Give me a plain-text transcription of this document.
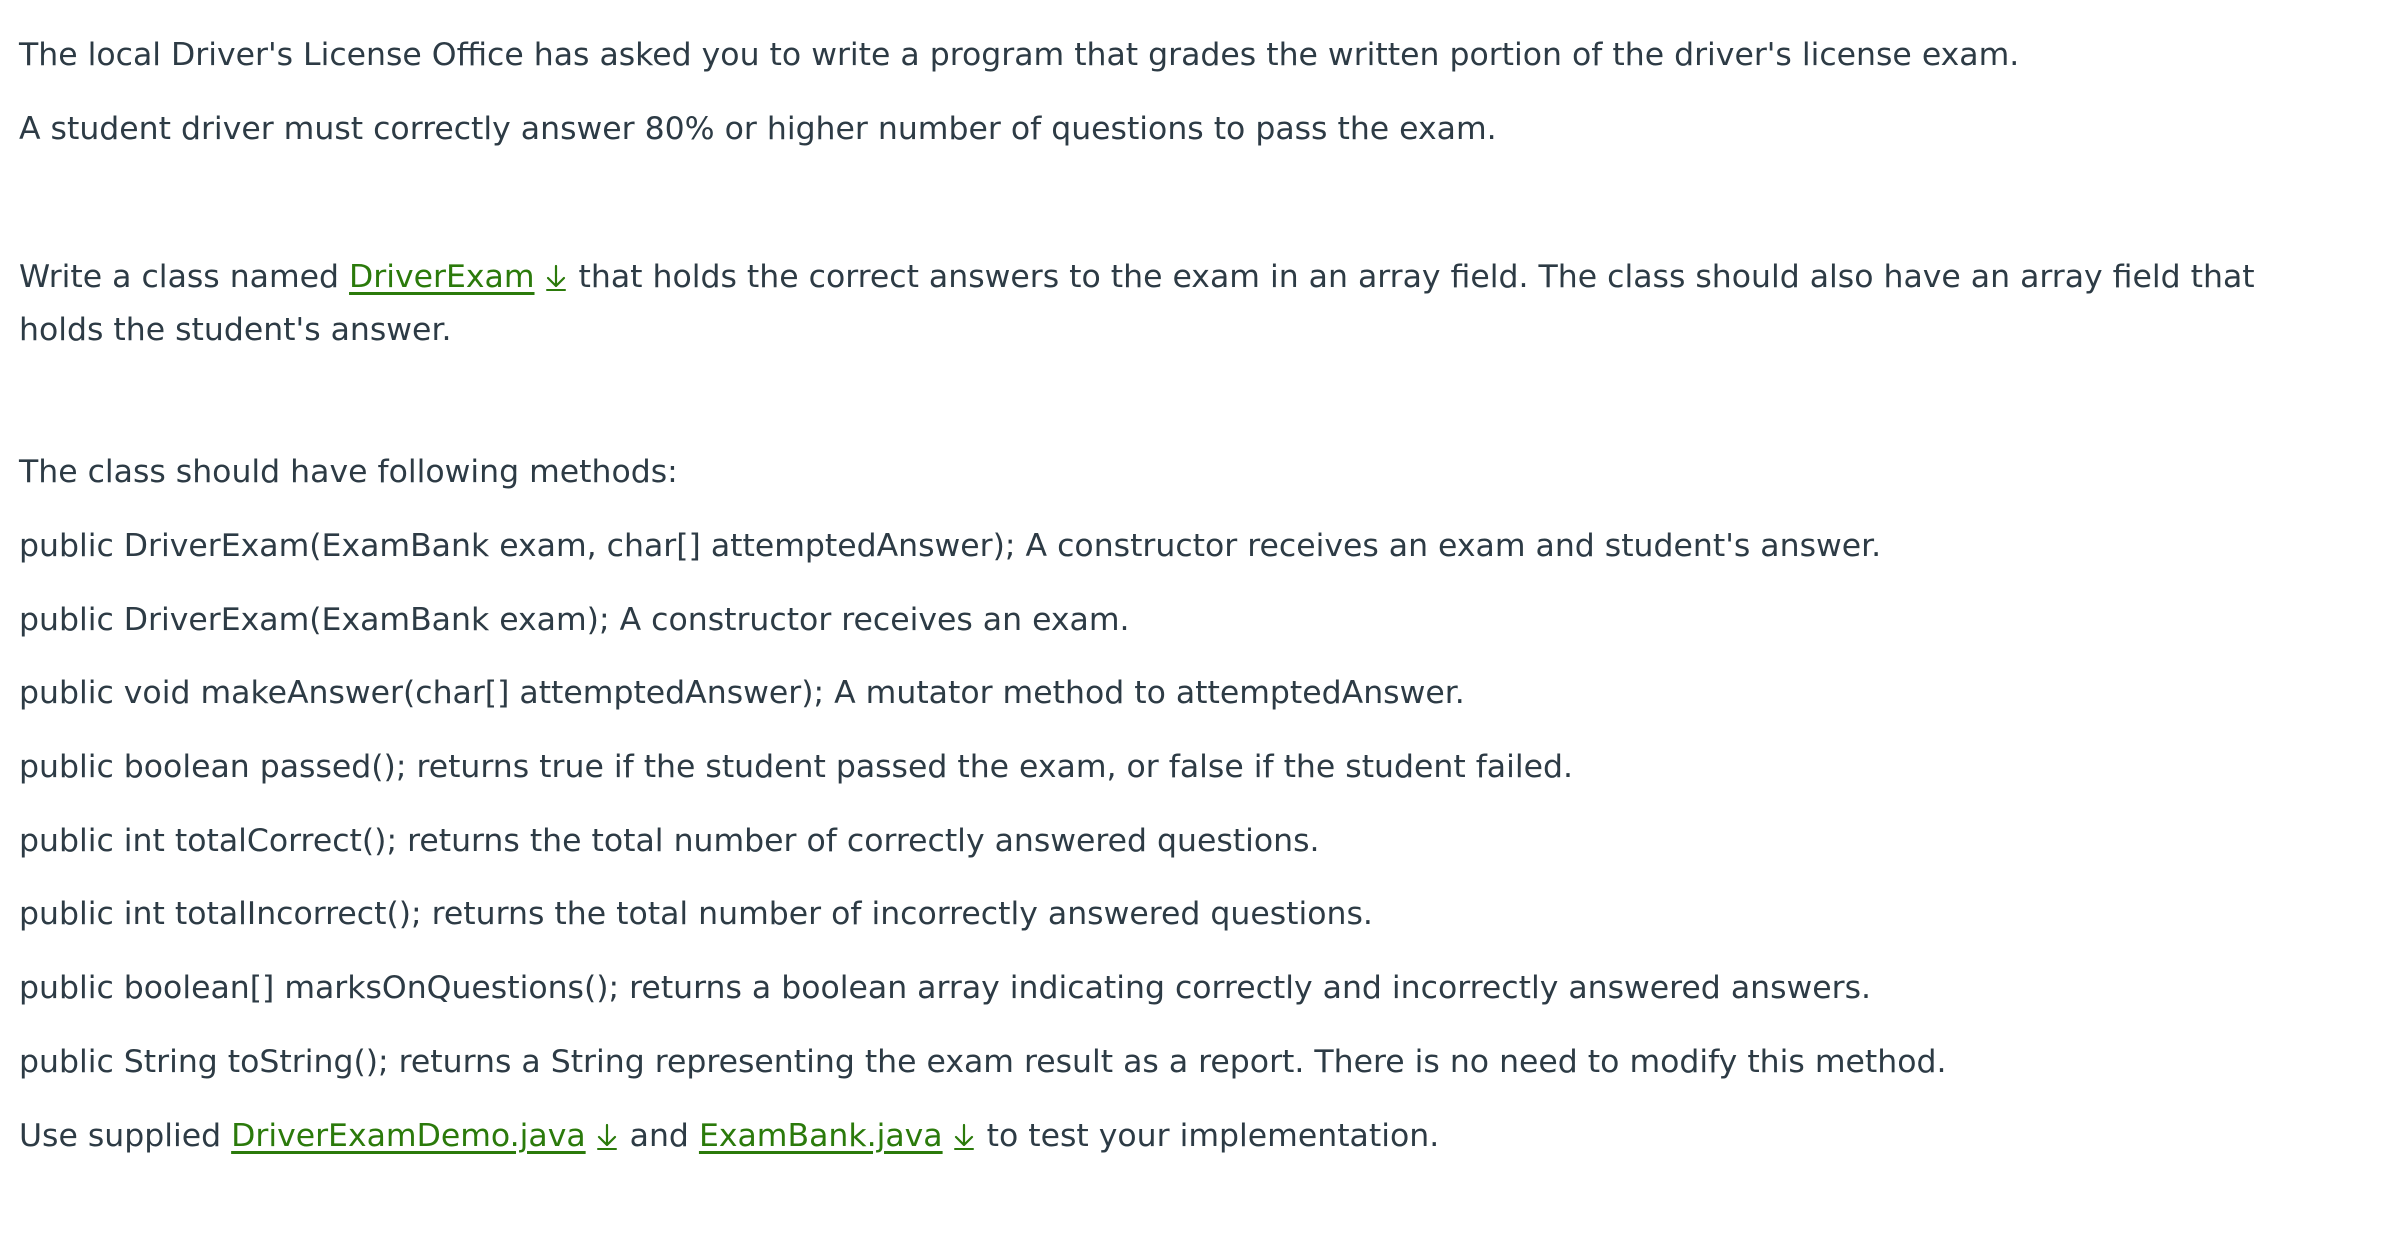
The local Driver's License Office has asked you to write a program that grades the written portion of the driver's license exam.
A student driver must correctly answer 80% or higher number of questions to pass the exam.
Write a class named DriverExam that holds the correct answers to the exam in an array field. The class should also have an array field that holds the student's answer.
The class should have following methods:
public DriverExam(ExamBank exam, char[] attemptedAnswer); A constructor receives an exam and student's answer.
public DriverExam(ExamBank exam); A constructor receives an exam.
public void makeAnswer(char[] attemptedAnswer); A mutator method to attemptedAnswer.
public boolean passed(); returns true if the student passed the exam, or false if the student failed.
public int totalCorrect(); returns the total number of correctly answered questions.
public int totalIncorrect(); returns the total number of incorrectly answered questions.
public boolean[] marksOnQuestions(); returns a boolean array indicating correctly and incorrectly answered answers.
public String toString(); returns a String representing the exam result as a report. There is no need to modify this method.
Use supplied DriverExamDemo.java and ExamBank.java to test your implementation.
